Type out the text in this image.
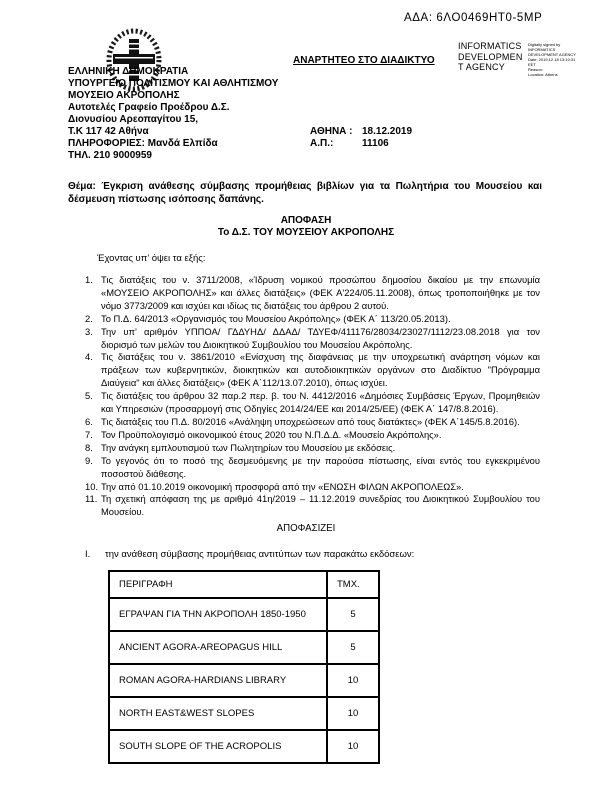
ΑΔΑ: 6ΛΟ0469ΗΤ0-5ΜΡ
ΑΝΑΡΤΗΤΕΟ ΣΤΟ ΔΙΑΔΙΚΤΥΟ
INFORMATICS DEVELOPMEN T AGENCY
Digitally signed by
INFORMATICS
DEVELOPMENT AGENCY
Date: 2019.12.18 13:10:31
EET
Reason:
Location: Athens
ΕΛΛΗΝΙΚΗ ΔΗΜΟΚΡΑΤΙΑ
ΥΠΟΥΡΓΕΙΟ ΠΟΛΙΤΙΣΜΟΥ ΚΑΙ ΑΘΛΗΤΙΣΜΟΥ
ΜΟΥΣΕΙΟ ΑΚΡΟΠΟΛΗΣ
Αυτοτελές Γραφείο Προέδρου Δ.Σ.
Διονυσίου Αρεοπαγίτου 15,
Τ.Κ 117 42 Αθήνα
ΠΛΗΡΟΦΟΡΙΕΣ: Μανδά Ελπίδα
ΤΗΛ. 210 9000959
ΑΘΗΝΑ : 18.12.2019
Α.Π.:	11106
Θέμα: Έγκριση ανάθεσης σύμβασης προμήθειας βιβλίων για τα Πωλητήρια του Μουσείου και δέσμευση πίστωσης ισόποσης δαπάνης.
ΑΠΟΦΑΣΗ
Το Δ.Σ. ΤΟΥ ΜΟΥΣΕΙΟΥ ΑΚΡΟΠΟΛΗΣ
Έχοντας υπ’ όψει τα εξής:
1. Τις διατάξεις του ν. 3711/2008, «Ίδρυση νομικού προσώπου δημοσίου δικαίου με την επωνυμία «ΜΟΥΣΕΙΟ ΑΚΡΟΠΟΛΗΣ» και άλλες διατάξεις» (ΦΕΚ Α'224/05.11.2008), όπως τροποποιήθηκε με τον νόμο 3773/2009 και ισχύει και ιδίως τις διατάξεις του άρθρου 2 αυτού.
2. Το Π.Δ. 64/2013 «Οργανισμός του Μουσείου Ακρόπολης» (ΦΕΚ Α΄ 113/20.05.2013).
3. Την υπ’ αριθμόν ΥΠΠΟΑ/ ΓΔΔΥΗΔ/ ΔΔΑΔ/ ΤΔΥΕΦ/411176/28034/23027/1112/23.08.2018 για τον διορισμό των μελών του Διοικητικού Συμβουλίου του Μουσείου Ακρόπολης.
4. Τις διατάξεις του ν. 3861/2010 «Ενίσχυση της διαφάνειας με την υποχρεωτική ανάρτηση νόμων και πράξεων των κυβερνητικών, διοικητικών και αυτοδιοικητικών οργάνων στο Διαδίκτυο "Πρόγραμμα Διαύγεια" και άλλες διατάξεις» (ΦΕΚ Α΄112/13.07.2010), όπως ισχύει.
5. Τις διατάξεις του άρθρου 32 παρ.2 περ. β. του Ν. 4412/2016 «Δημόσιες Συμβάσεις Έργων, Προμηθειών και Υπηρεσιών (προσαρμογή στις Οδηγίες 2014/24/ΕΕ και 2014/25/ΕΕ) (ΦΕΚ Α΄ 147/8.8.2016).
6. Τις διατάξεις του Π.Δ. 80/2016 «Ανάληψη υποχρεώσεων από τους διατάκτες» (ΦΕΚ Α΄145/5.8.2016).
7. Τον Προϋπολογισμό οικονομικού έτους 2020 του Ν.Π.Δ.Δ. «Μουσείο Ακρόπολης».
8. Την ανάγκη εμπλουτισμού των Πωλητηρίων του Μουσείου με εκδόσεις.
9. Το γεγονός ότι το ποσό της δεσμευόμενης με την παρούσα πίστωσης, είναι εντός του εγκεκριμένου ποσοστού διάθεσης.
10. Την από 01.10.2019 οικονομική προσφορά από την «ΕΝΩΣΗ ΦΙΛΩΝ ΑΚΡΟΠΟΛΕΩΣ».
11. Τη σχετική απόφαση της με αριθμό 41η/2019 – 11.12.2019 συνεδρίας του Διοικητικού Συμβουλίου του Μουσείου.
ΑΠΟΦΑΣΙΖΕΙ
Ι.	την ανάθεση σύμβασης προμήθειας αντιτύπων των παρακάτω εκδόσεων:
ΠΕΡΙΓΡΑΦΗ	ΤΜΧ.
ΕΓΡΑΨΑΝ ΓΙΑ ΤΗΝ ΑΚΡΟΠΟΛΗ 1850-1950	5
ANCIENT AGORA-AREOPAGUS HILL	5
ROMAN AGORA-HARDIANS LIBRARY	10
NORTH EAST&WEST SLOPES	10
SOUTH SLOPE OF THE ACROPOLIS	10
